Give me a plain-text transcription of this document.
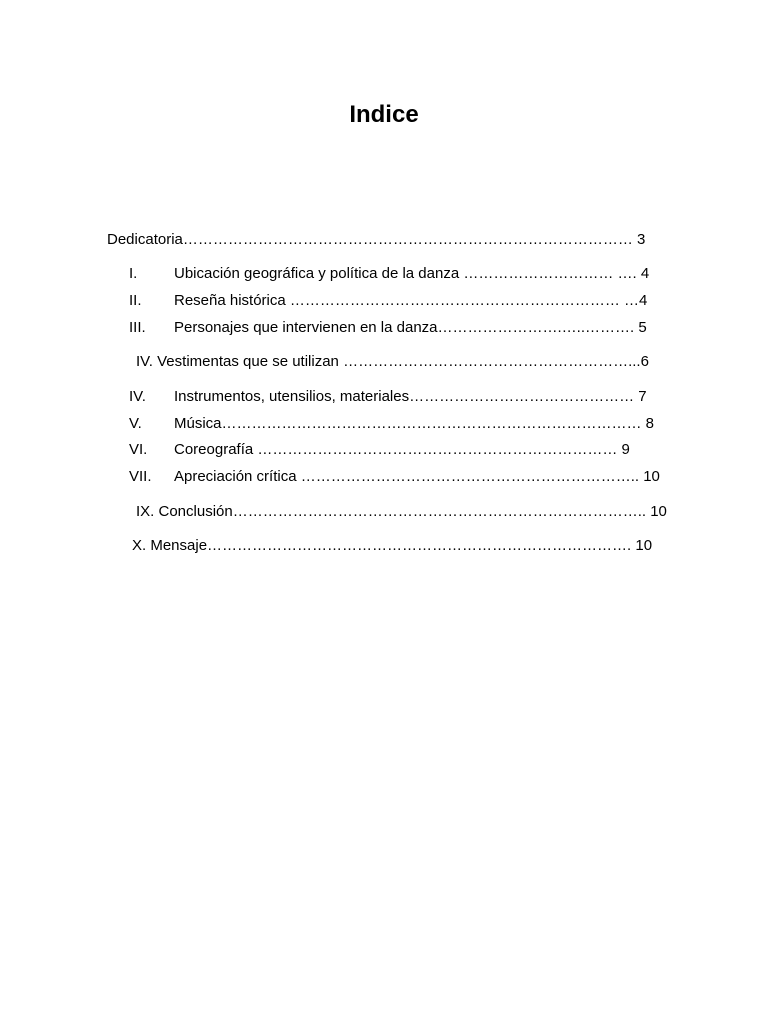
Indice
Dedicatoria……………………………………………………………………………… 3
I. Ubicación geográfica y política de la danza ………………………… …. 4
II. Reseña histórica ………………………………………………………… …4
III. Personajes que intervienen en la danza…………………….…..………. 5
IV. Vestimentas que se utilizan …………………………………………………...6
IV. Instrumentos, utensilios, materiales……………………………………… 7
V. Música………………………………………………………………………… 8
VI. Coreografía ……………………………………………………………… 9
VII. Apreciación crítica ………………………………………………………….. 10
IX. Conclusión……………………………………………………………………….. 10
X. Mensaje…………………………………………………………………………. 10
